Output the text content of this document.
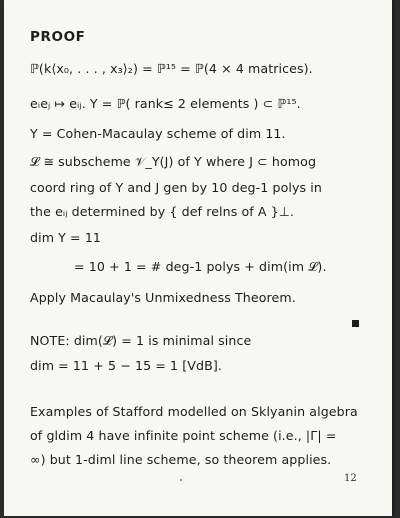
PROOF
ℙ(k⟨x₀, . . . , x₃⟩₂) = ℙ¹⁵ = ℙ(4 × 4 matrices).
eᵢeⱼ ↦ eᵢⱼ. Y = ℙ( rank≤ 2 elements ) ⊂ ℙ¹⁵.
Y = Cohen-Macaulay scheme of dim 11.
𝓛 ≅ subscheme 𝒱_Y(J) of Y where J ⊂ homog
coord ring of Y and J gen by 10 deg-1 polys in
the eᵢⱼ determined by { def relns of A }⊥.
dim Y = 11
= 10 + 1 = # deg-1 polys + dim(im 𝓛).
Apply Macaulay's Unmixedness Theorem.
NOTE: dim(𝓛) = 1 is minimal since
dim = 11 + 5 − 15 = 1 [VdB].
Examples of Stafford modelled on Sklyanin algebra
of gldim 4 have infinite point scheme (i.e., |Γ| =
∞) but 1-diml line scheme, so theorem applies.
12
